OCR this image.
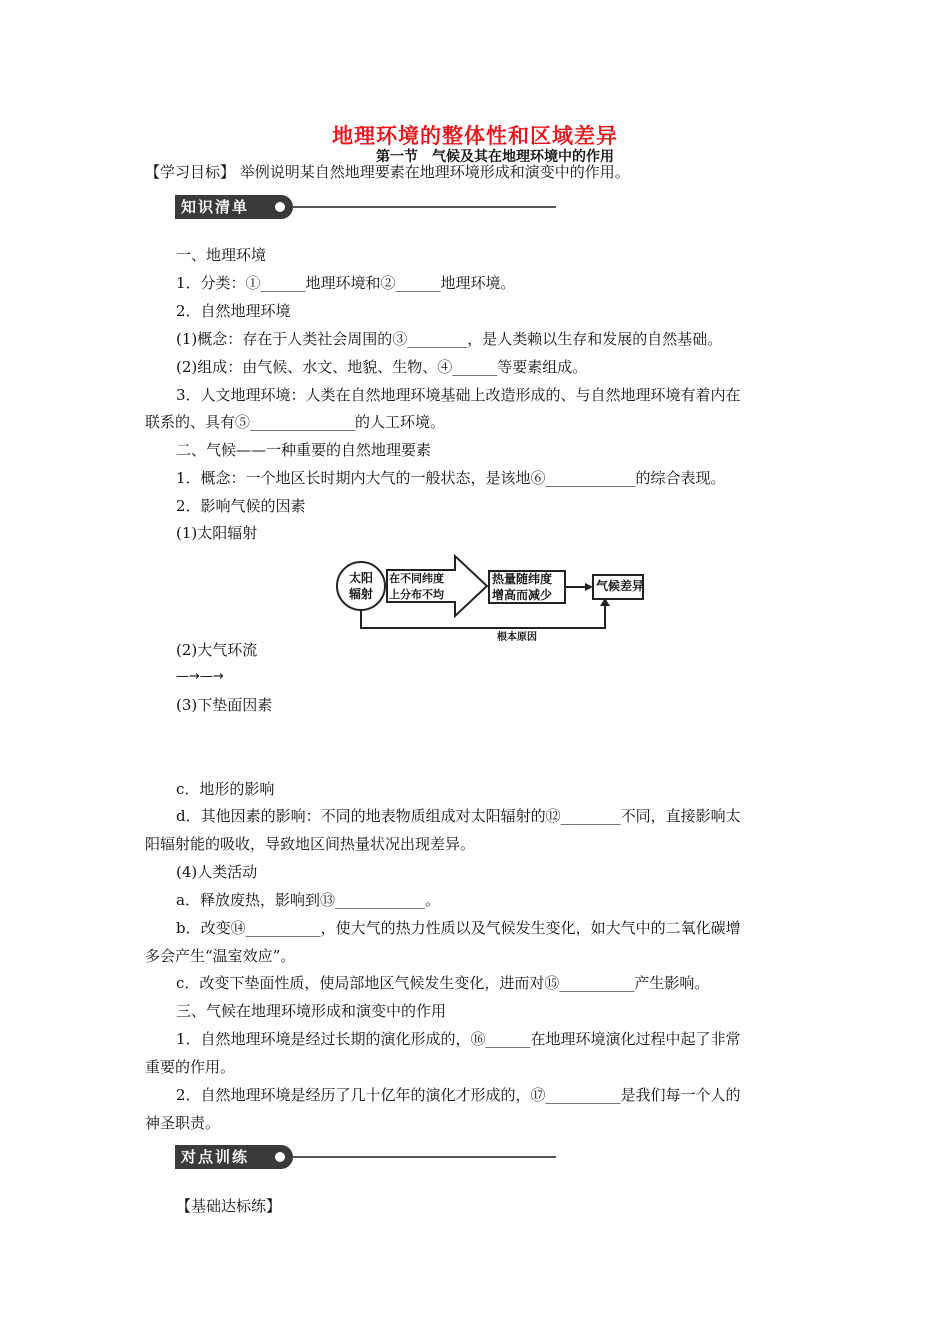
地理环境的整体性和区域差异
第一节　气候及其在地理环境中的作用
【学习目标】 举例说明某自然地理要素在地理环境形成和演变中的作用。
知识清单
一、地理环境
1．分类：①______地理环境和②______地理环境。
2．自然地理环境
(1)概念：存在于人类社会周围的③________，是人类赖以生存和发展的自然基础。
(2)组成：由气候、水文、地貌、生物、④______等要素组成。
3．人文地理环境：人类在自然地理环境基础上改造形成的、与自然地理环境有着内在
联系的、具有⑤______________的人工环境。
二、气候——一种重要的自然地理要素
1．概念：一个地区长时期内大气的一般状态，是该地⑥____________的综合表现。
2．影响气候的因素
(1)太阳辐射
太阳
辐射
在不同纬度
上分布不均
热量随纬度
增高而减少
气候差异
根本原因
(2)大气环流
—→—→
(3)下垫面因素
c．地形的影响
d．其他因素的影响：不同的地表物质组成对太阳辐射的⑫________不同，直接影响太
阳辐射能的吸收，导致地区间热量状况出现差异。
(4)人类活动
a．释放废热，影响到⑬____________。
b．改变⑭__________，使大气的热力性质以及气候发生变化，如大气中的二氧化碳增
多会产生“温室效应”。
c．改变下垫面性质，使局部地区气候发生变化，进而对⑮__________产生影响。
三、气候在地理环境形成和演变中的作用
1．自然地理环境是经过长期的演化形成的，⑯______在地理环境演化过程中起了非常
重要的作用。
2．自然地理环境是经历了几十亿年的演化才形成的，⑰__________是我们每一个人的
神圣职责。
对点训练
【基础达标练】
